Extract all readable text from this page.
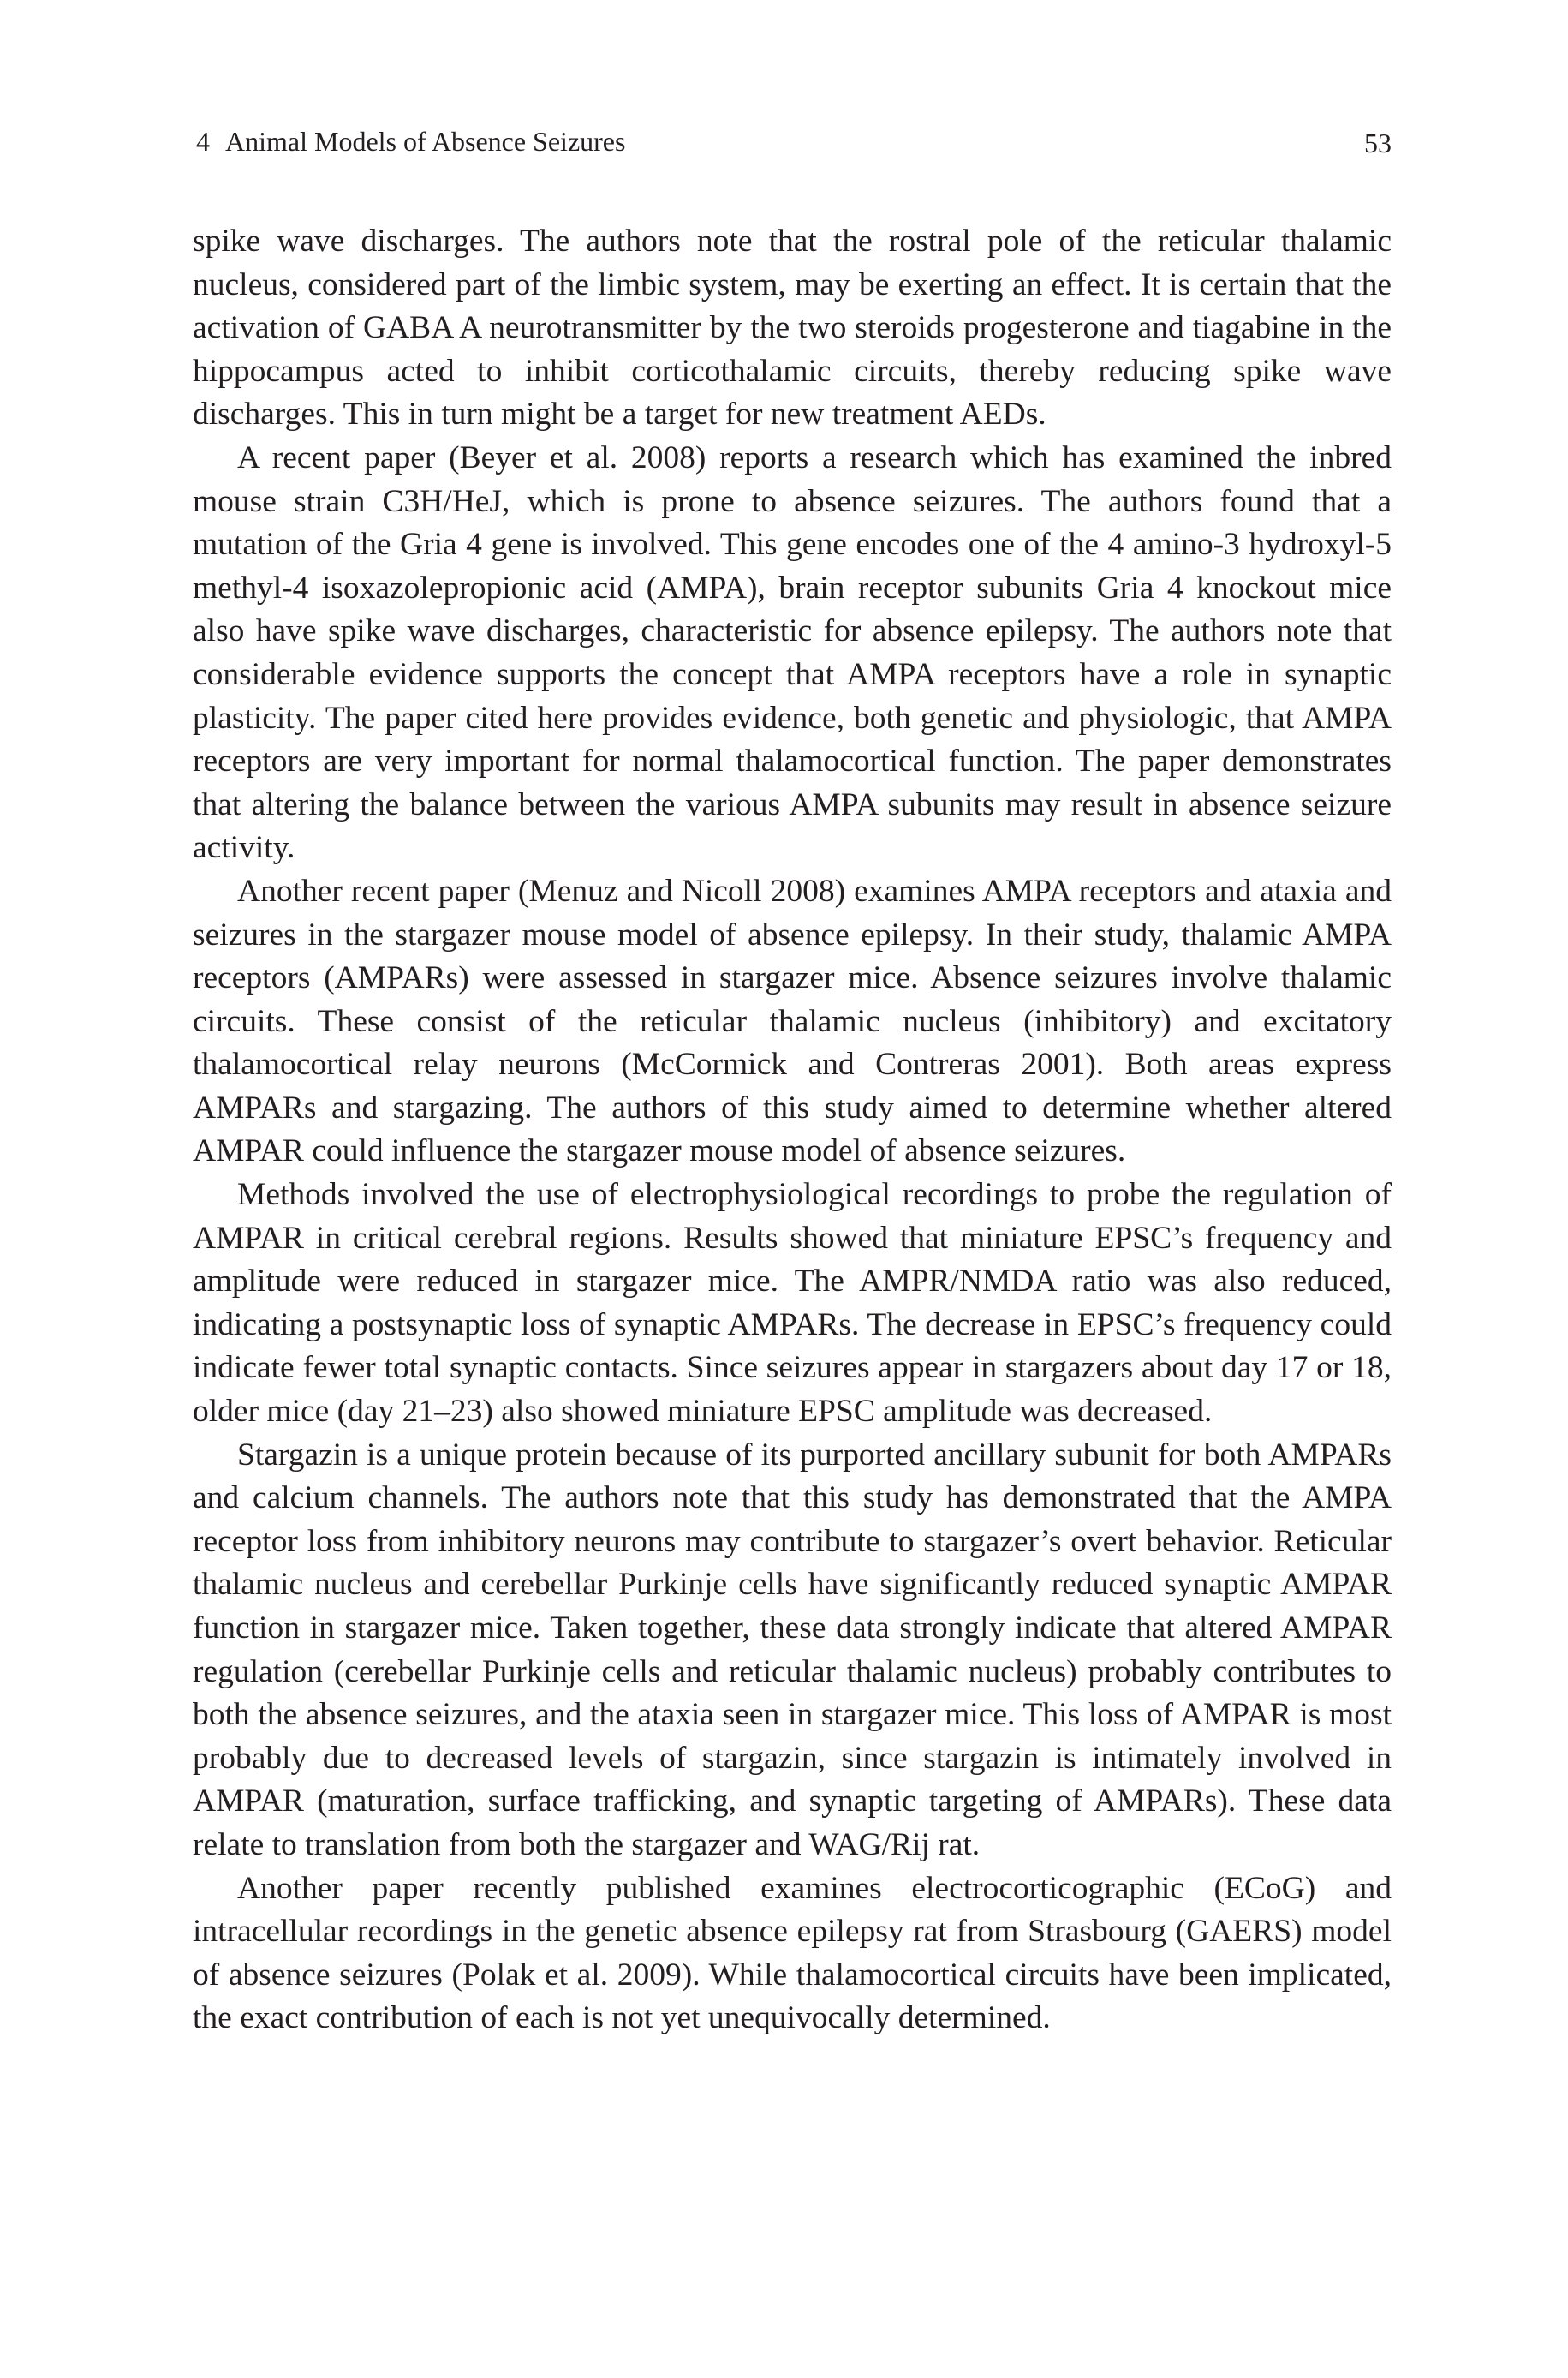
4 Animal Models of Absence Seizures	53

spike wave discharges. The authors note that the rostral pole of the reticular thalamic nucleus, considered part of the limbic system, may be exerting an effect. It is certain that the activation of GABA A neurotransmitter by the two steroids progesterone and tiagabine in the hippocampus acted to inhibit corticothalamic circuits, thereby reducing spike wave discharges. This in turn might be a target for new treatment AEDs.

A recent paper (Beyer et al. 2008) reports a research which has examined the inbred mouse strain C3H/HeJ, which is prone to absence seizures. The authors found that a mutation of the Gria 4 gene is involved. This gene encodes one of the 4 amino-3 hydroxyl-5 methyl-4 isoxazolepropionic acid (AMPA), brain receptor subunits Gria 4 knockout mice also have spike wave discharges, characteristic for absence epilepsy. The authors note that considerable evidence supports the concept that AMPA receptors have a role in synaptic plasticity. The paper cited here provides evidence, both genetic and physiologic, that AMPA receptors are very important for normal thalamocortical function. The paper demonstrates that altering the balance between the various AMPA subunits may result in absence seizure activity.

Another recent paper (Menuz and Nicoll 2008) examines AMPA receptors and ataxia and seizures in the stargazer mouse model of absence epilepsy. In their study, thalamic AMPA receptors (AMPARs) were assessed in stargazer mice. Absence seizures involve thalamic circuits. These consist of the reticular thalamic nucleus (inhibitory) and excitatory thalamocortical relay neurons (McCormick and Contreras 2001). Both areas express AMPARs and stargazing. The authors of this study aimed to determine whether altered AMPAR could influence the stargazer mouse model of absence seizures.

Methods involved the use of electrophysiological recordings to probe the regulation of AMPAR in critical cerebral regions. Results showed that miniature EPSC’s frequency and amplitude were reduced in stargazer mice. The AMPR/NMDA ratio was also reduced, indicating a postsynaptic loss of synaptic AMPARs. The decrease in EPSC’s frequency could indicate fewer total synaptic contacts. Since seizures appear in stargazers about day 17 or 18, older mice (day 21–23) also showed miniature EPSC amplitude was decreased.

Stargazin is a unique protein because of its purported ancillary subunit for both AMPARs and calcium channels. The authors note that this study has demonstrated that the AMPA receptor loss from inhibitory neurons may contribute to stargazer’s overt behavior. Reticular thalamic nucleus and cerebellar Purkinje cells have significantly reduced synaptic AMPAR function in stargazer mice. Taken together, these data strongly indicate that altered AMPAR regulation (cerebellar Purkinje cells and reticular thalamic nucleus) probably contributes to both the absence seizures, and the ataxia seen in stargazer mice. This loss of AMPAR is most probably due to decreased levels of stargazin, since stargazin is intimately involved in AMPAR (maturation, surface trafficking, and synaptic targeting of AMPARs). These data relate to translation from both the stargazer and WAG/Rij rat.

Another paper recently published examines electrocorticographic (ECoG) and intracellular recordings in the genetic absence epilepsy rat from Strasbourg (GAERS) model of absence seizures (Polak et al. 2009). While thalamocortical circuits have been implicated, the exact contribution of each is not yet unequivocally determined.
